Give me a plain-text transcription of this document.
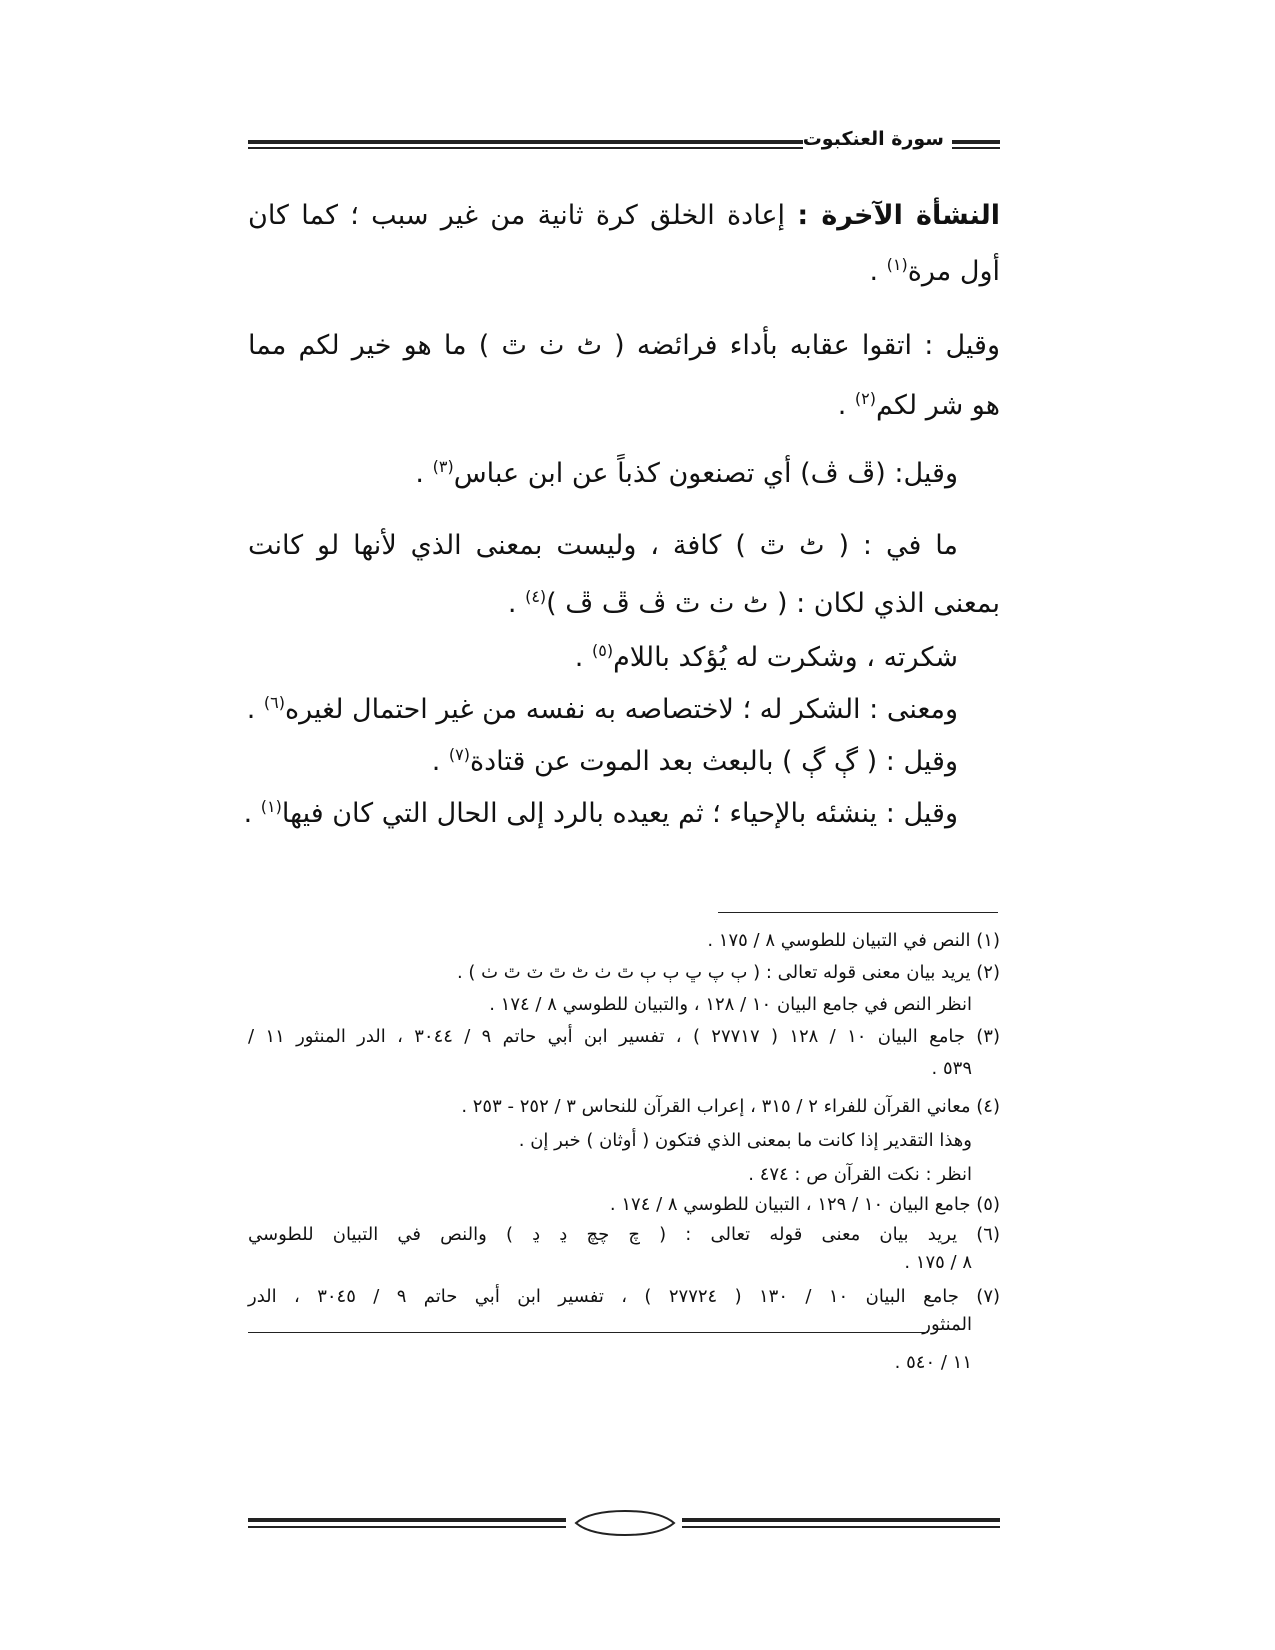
سورة العنكبوت
النشأة الآخرة : إعادة الخلق كرة ثانية من غير سبب ؛ كما كان
أول مرة$^{(١)}$ .
وقيل : اتقوا عقابه بأداء فرائضه ( ٹ ٺ ٿ ) ما هو خير لكم مما
هو شر لكم$^{(٢)}$ .
وقيل: (ڦ ڤ) أي تصنعون كذباً عن ابن عباس$^{(٣)}$ .
ما في : ( ٹ ٿ ) كافة ، وليست بمعنى الذي لأنها لو كانت
بمعنى الذي لكان : ( ٹ ٺ ٿ ڤ ڦ ڦ )$^{(٤)}$ .
شكرته ، وشكرت له يُؤكد باللام$^{(٥)}$ .
ومعنى : الشكر له ؛ لاختصاصه به نفسه من غير احتمال لغيره$^{(٦)}$ .
وقيل : ( ڳ ڳ ) بالبعث بعد الموت عن قتادة$^{(٧)}$ .
وقيل : ينشئه بالإحياء ؛ ثم يعيده بالرد إلى الحال التي كان فيها$^{(١)}$ .
(١) النص في التبيان للطوسي ٨ / ١٧٥ .
(٢) يريد بيان معنى قوله تعالى : ( ٻ پ ڀ ٻ ٻ ٿ ٺ ٹ ٿ ٽ ٿ ٺ ) .
انظر النص في جامع البيان ١٠ / ١٢٨ ، والتبيان للطوسي ٨ / ١٧٤ .
(٣) جامع البيان ١٠ / ١٢٨ ( ٢٧٧١٧ ) ، تفسير ابن أبي حاتم ٩ / ٣٠٤٤ ، الدر المنثور ١١ /
٥٣٩ .
(٤) معاني القرآن للفراء ٢ / ٣١٥ ، إعراب القرآن للنحاس ٣ / ٢٥٢ - ٢٥٣ .
وهذا التقدير إذا كانت ما بمعنى الذي فتكون ( أوثان ) خبر إن .
انظر : نكت القرآن ص : ٤٧٤ .
(٥) جامع البيان ١٠ / ١٢٩ ، التبيان للطوسي ٨ / ١٧٤ .
(٦) يريد بيان معنى قوله تعالى : ( چ چچ ڍ ڍ ) والنص في التبيان للطوسي
٨ / ١٧٥ .
(٧) جامع البيان ١٠ / ١٣٠ ( ٢٧٧٢٤ ) ، تفسير ابن أبي حاتم ٩ / ٣٠٤٥ ، الدر
المنثور
١١ / ٥٤٠ .
